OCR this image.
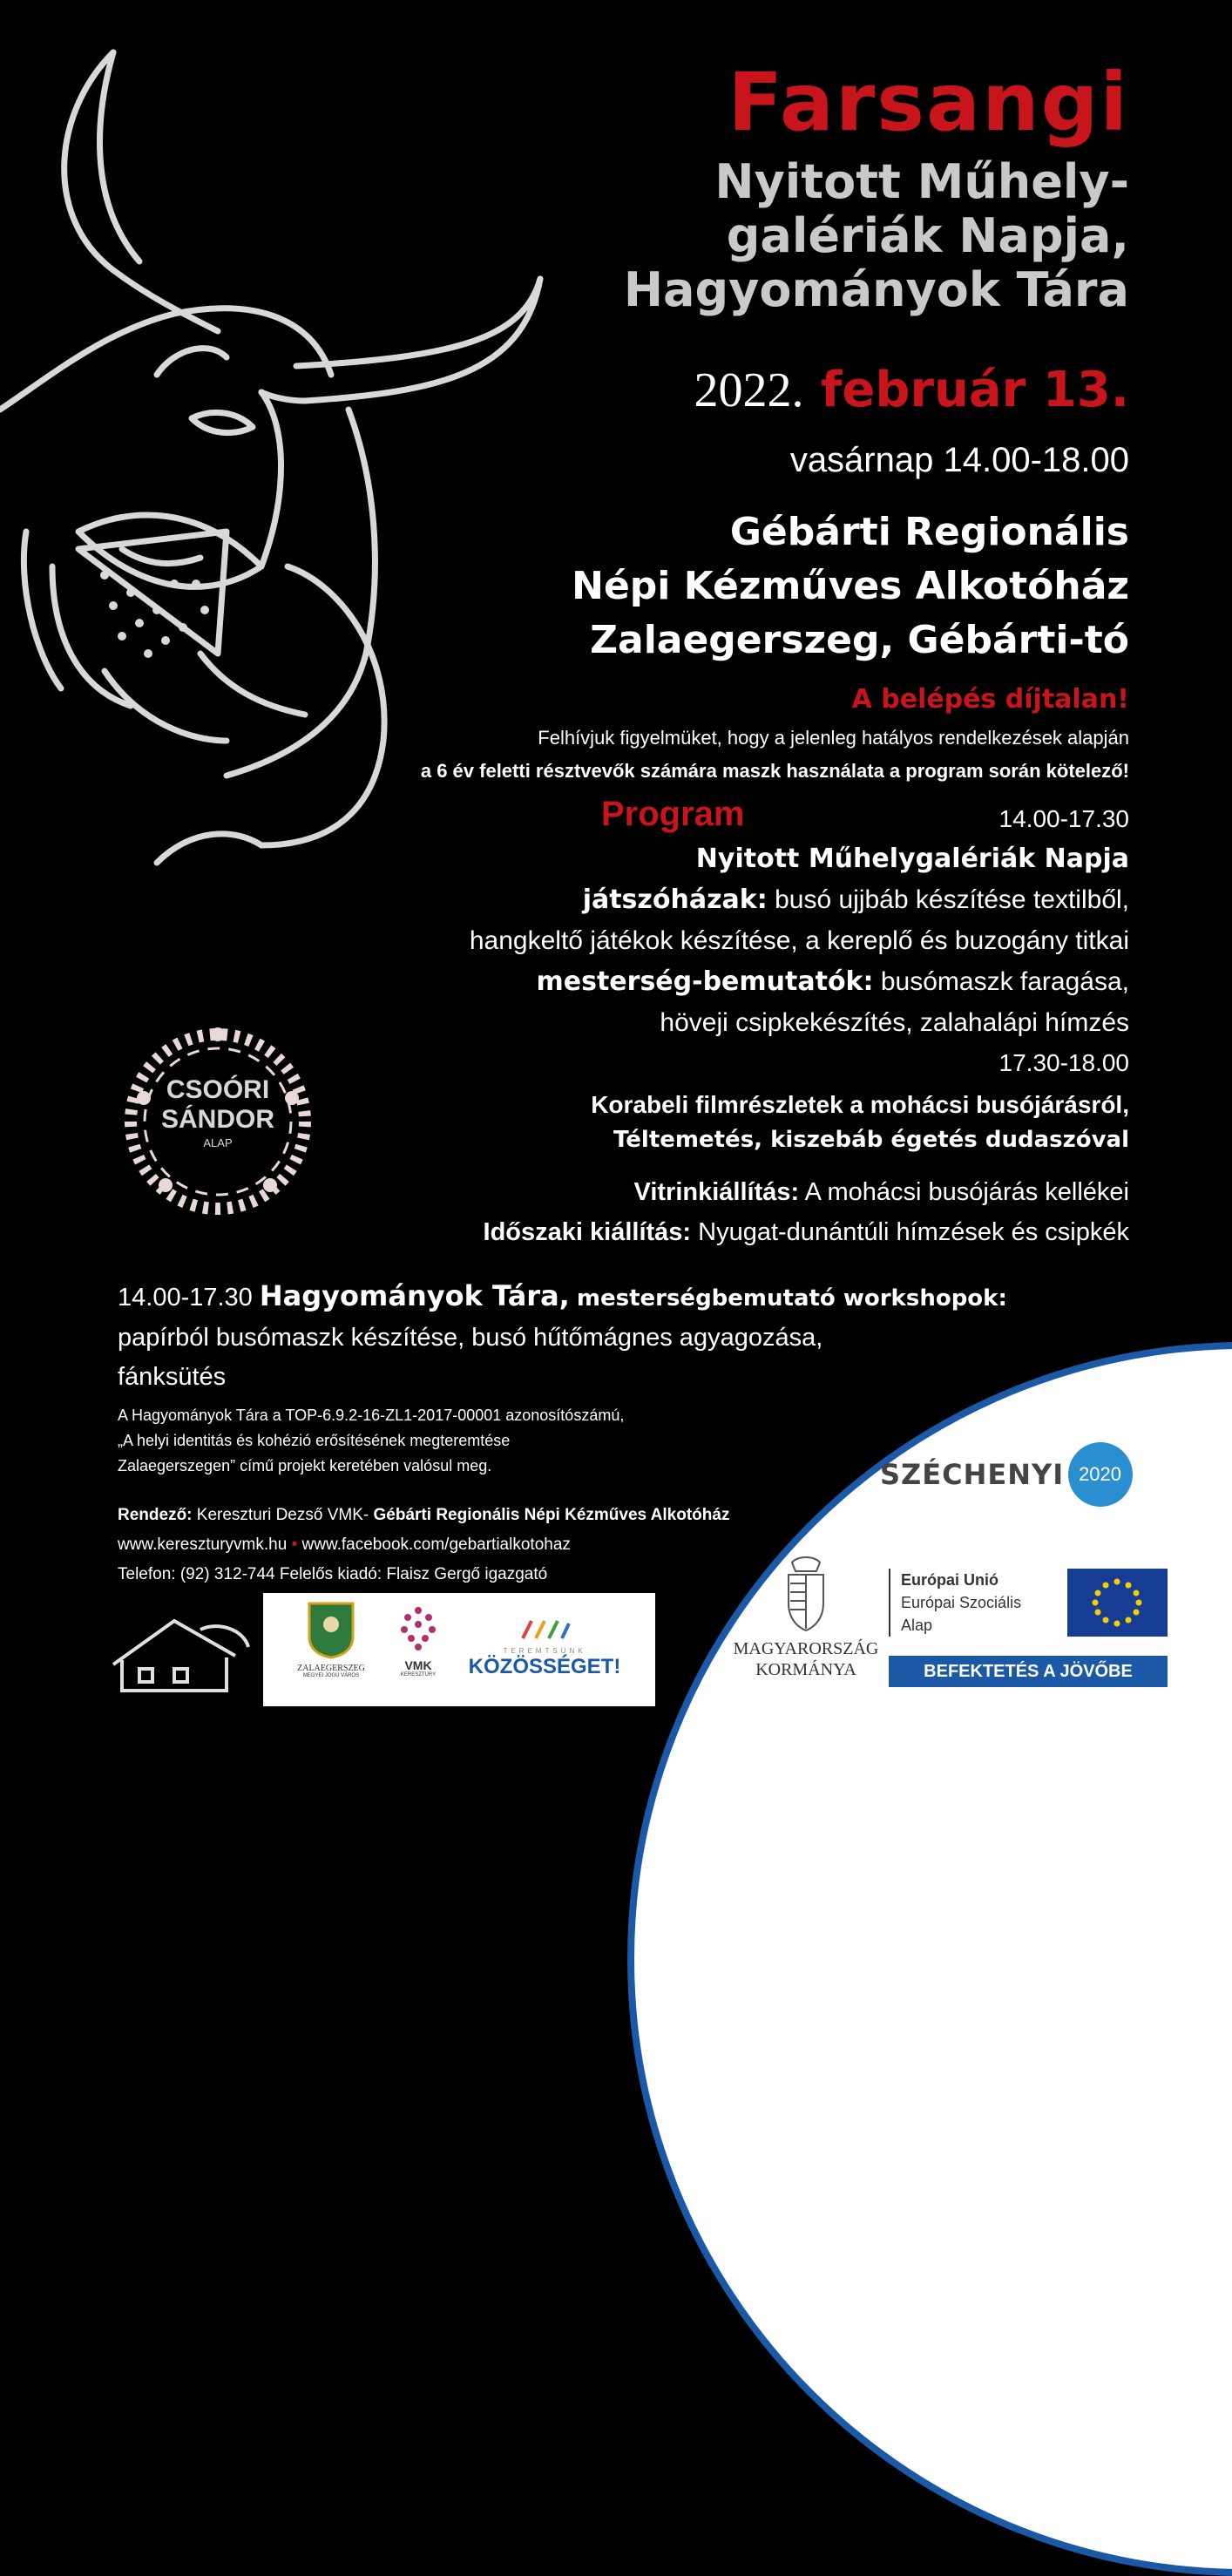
Farsangi
Nyitott Műhely-
galériák Napja,
Hagyományok Tára
2022. február 13.
vasárnap 14.00-18.00
Gébárti Regionális
Népi Kézműves Alkotóház
Zalaegerszeg, Gébárti-tó
A belépés díjtalan!
Felhívjuk figyelmüket, hogy a jelenleg hatályos rendelkezések alapján
a 6 év feletti résztvevők számára maszk használata a program során kötelező!
Program	14.00-17.30
Nyitott Műhelygalériák Napja
játszóházak: busó ujjbáb készítése textilből,
hangkeltő játékok készítése, a kereplő és buzogány titkai
mesterség-bemutatók: busómaszk faragása,
höveji csipkekészítés, zalahalápi hímzés
17.30-18.00
Korabeli filmrészletek a mohácsi busójárásról,
Téltemetés, kiszebáb égetés dudaszóval
Vitrinkiállítás: A mohácsi busójárás kellékei
Időszaki kiállítás: Nyugat-dunántúli hímzések és csipkék
CSOÓRI
SÁNDOR
ALAP
14.00-17.30 Hagyományok Tára, mesterségbemutató workshopok:
papírból busómaszk készítése, busó hűtőmágnes agyagozása,
fánksütés
A Hagyományok Tára a TOP-6.9.2-16-ZL1-2017-00001 azonosítószámú,
„A helyi identitás és kohézió erősítésének megteremtése
Zalaegerszegen” című projekt keretében valósul meg.
Rendező: Kereszturi Dezső VMK- Gébárti Regionális Népi Kézműves Alkotóház
www.kereszturyvmk.hu • www.facebook.com/gebartialkotohaz
Telefon: (92) 312-744 Felelős kiadó: Flaisz Gergő igazgató
ZALAEGERSZEG
MEGYEI JOGÚ VÁROS
VMK
KERESZTURY
TEREMTSÜNK
KÖZÖSSÉGET!
SZÉCHENYI 2020
MAGYARORSZÁG
KORMÁNYA
Európai Unió
Európai Szociális
Alap
BEFEKTETÉS A JÖVŐBE
